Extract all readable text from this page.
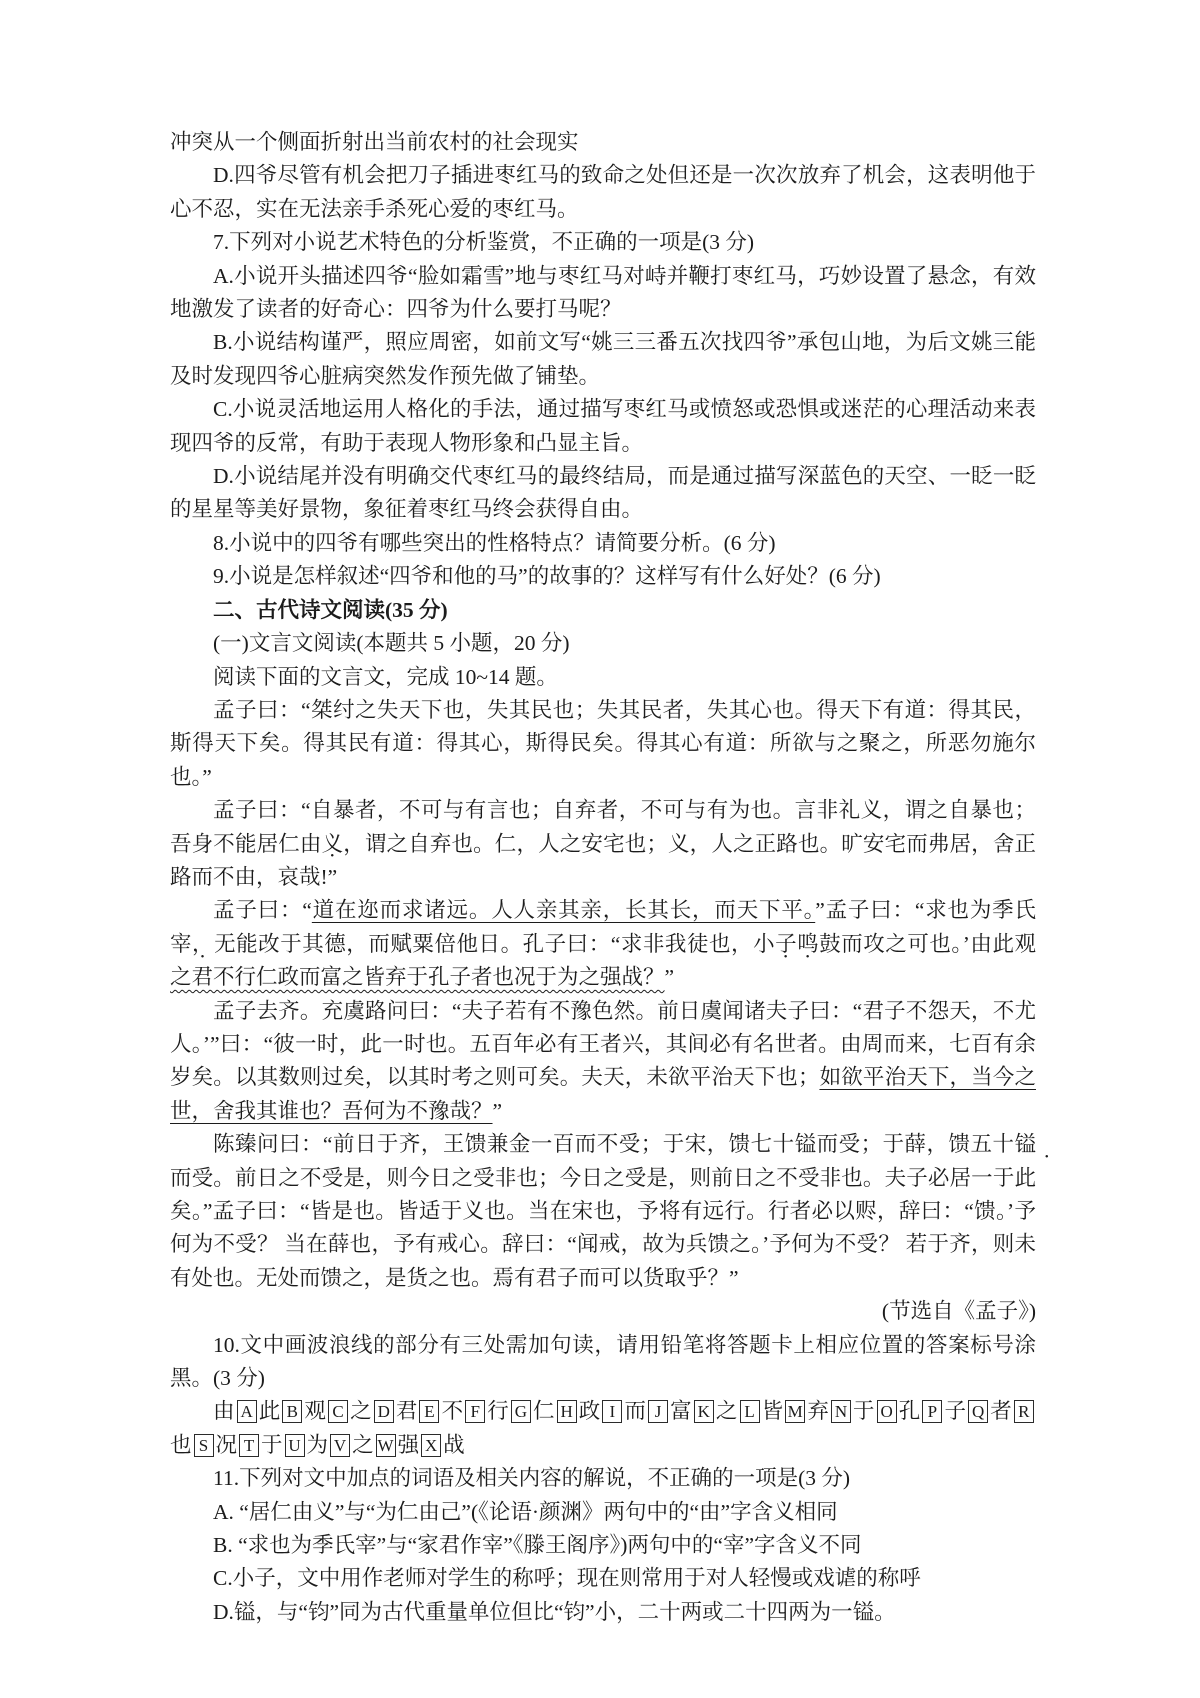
冲突从一个侧面折射出当前农村的社会现实

D.四爷尽管有机会把刀子插进枣红马的致命之处但还是一次次放弃了机会，这表明他于心不忍，实在无法亲手杀死心爱的枣红马。

7.下列对小说艺术特色的分析鉴赏，不正确的一项是(3 分)

A.小说开头描述四爷“脸如霜雪”地与枣红马对峙并鞭打枣红马，巧妙设置了悬念，有效地激发了读者的好奇心：四爷为什么要打马呢？

B.小说结构谨严，照应周密，如前文写“姚三三番五次找四爷”承包山地，为后文姚三能及时发现四爷心脏病突然发作预先做了铺垫。

C.小说灵活地运用人格化的手法，通过描写枣红马或愤怒或恐惧或迷茫的心理活动来表现四爷的反常，有助于表现人物形象和凸显主旨。

D.小说结尾并没有明确交代枣红马的最终结局，而是通过描写深蓝色的天空、一眨一眨的星星等美好景物，象征着枣红马终会获得自由。

8.小说中的四爷有哪些突出的性格特点？请简要分析。(6 分)

9.小说是怎样叙述“四爷和他的马”的故事的？这样写有什么好处？(6 分)

二、古代诗文阅读(35 分)

(一)文言文阅读(本题共 5 小题，20 分)

阅读下面的文言文，完成 10~14 题。

孟子曰：“桀纣之失天下也，失其民也；失其民者，失其心也。得天下有道：得其民，斯得天下矣。得其民有道：得其心，斯得民矣。得其心有道：所欲与之聚之，所恶勿施尔也。”

孟子曰：“自暴者，不可与有言也；自弃者，不可与有为也。言非礼义，谓之自暴也；吾身不能居仁由义，谓之自弃也。仁，人之安宅也；义，人之正路也。旷安宅而弗居，舍正路而不由，哀哉!”

孟子曰：“道在迩而求诸远。人人亲其亲，长其长，而天下平。”孟子曰：“求也为季氏宰，无能改于其德，而赋粟倍他日。孔子曰：“求非我徒也，小子鸣鼓而攻之可也。’由此观之君不行仁政而富之皆弃于孔子者也况于为之强战？”

孟子去齐。充虞路问曰：“夫子若有不豫色然。前日虞闻诸夫子曰：“君子不怨天，不尤人。’”曰：“彼一时，此一时也。五百年必有王者兴，其间必有名世者。由周而来，七百有余岁矣。以其数则过矣，以其时考之则可矣。夫天，未欲平治天下也；如欲平治天下，当今之世，舍我其谁也？吾何为不豫哉？”

陈臻问曰：“前日于齐，王馈兼金一百而不受；于宋，馈七十镒而受；于薛，馈五十镒而受。前日之不受是，则今日之受非也；今日之受是，则前日之不受非也。夫子必居一于此矣。”孟子曰：“皆是也。皆适于义也。当在宋也，予将有远行。行者必以赆，辞曰：“馈。’予何为不受？ 当在薛也，予有戒心。辞曰：“闻戒，故为兵馈之。’予何为不受？ 若于齐，则未有处也。无处而馈之，是货之也。焉有君子而可以货取乎？”

(节选自《孟子》)

10.文中画波浪线的部分有三处需加句读，请用铅笔将答题卡上相应位置的答案标号涂黑。(3 分)

由 A 此 B 观 C 之 D 君 E 不 F 行 G 仁 H 政 I 而 J 富 K 之 L 皆 M 弃 N 于 O 孔 P 子 Q 者 R也 S 况 T 于 U 为 V 之 W 强 X 战

11.下列对文中加点的词语及相关内容的解说，不正确的一项是(3 分)

A. “居仁由义”与“为仁由己”(《论语·颜渊》两句中的“由”字含义相同

B. “求也为季氏宰”与“家君作宰”《滕王阁序》)两句中的“宰”字含义不同

C.小子，文中用作老师对学生的称呼；现在则常用于对人轻慢或戏谑的称呼

D.镒，与“钧”同为古代重量单位但比“钧”小，二十两或二十四两为一镒。
